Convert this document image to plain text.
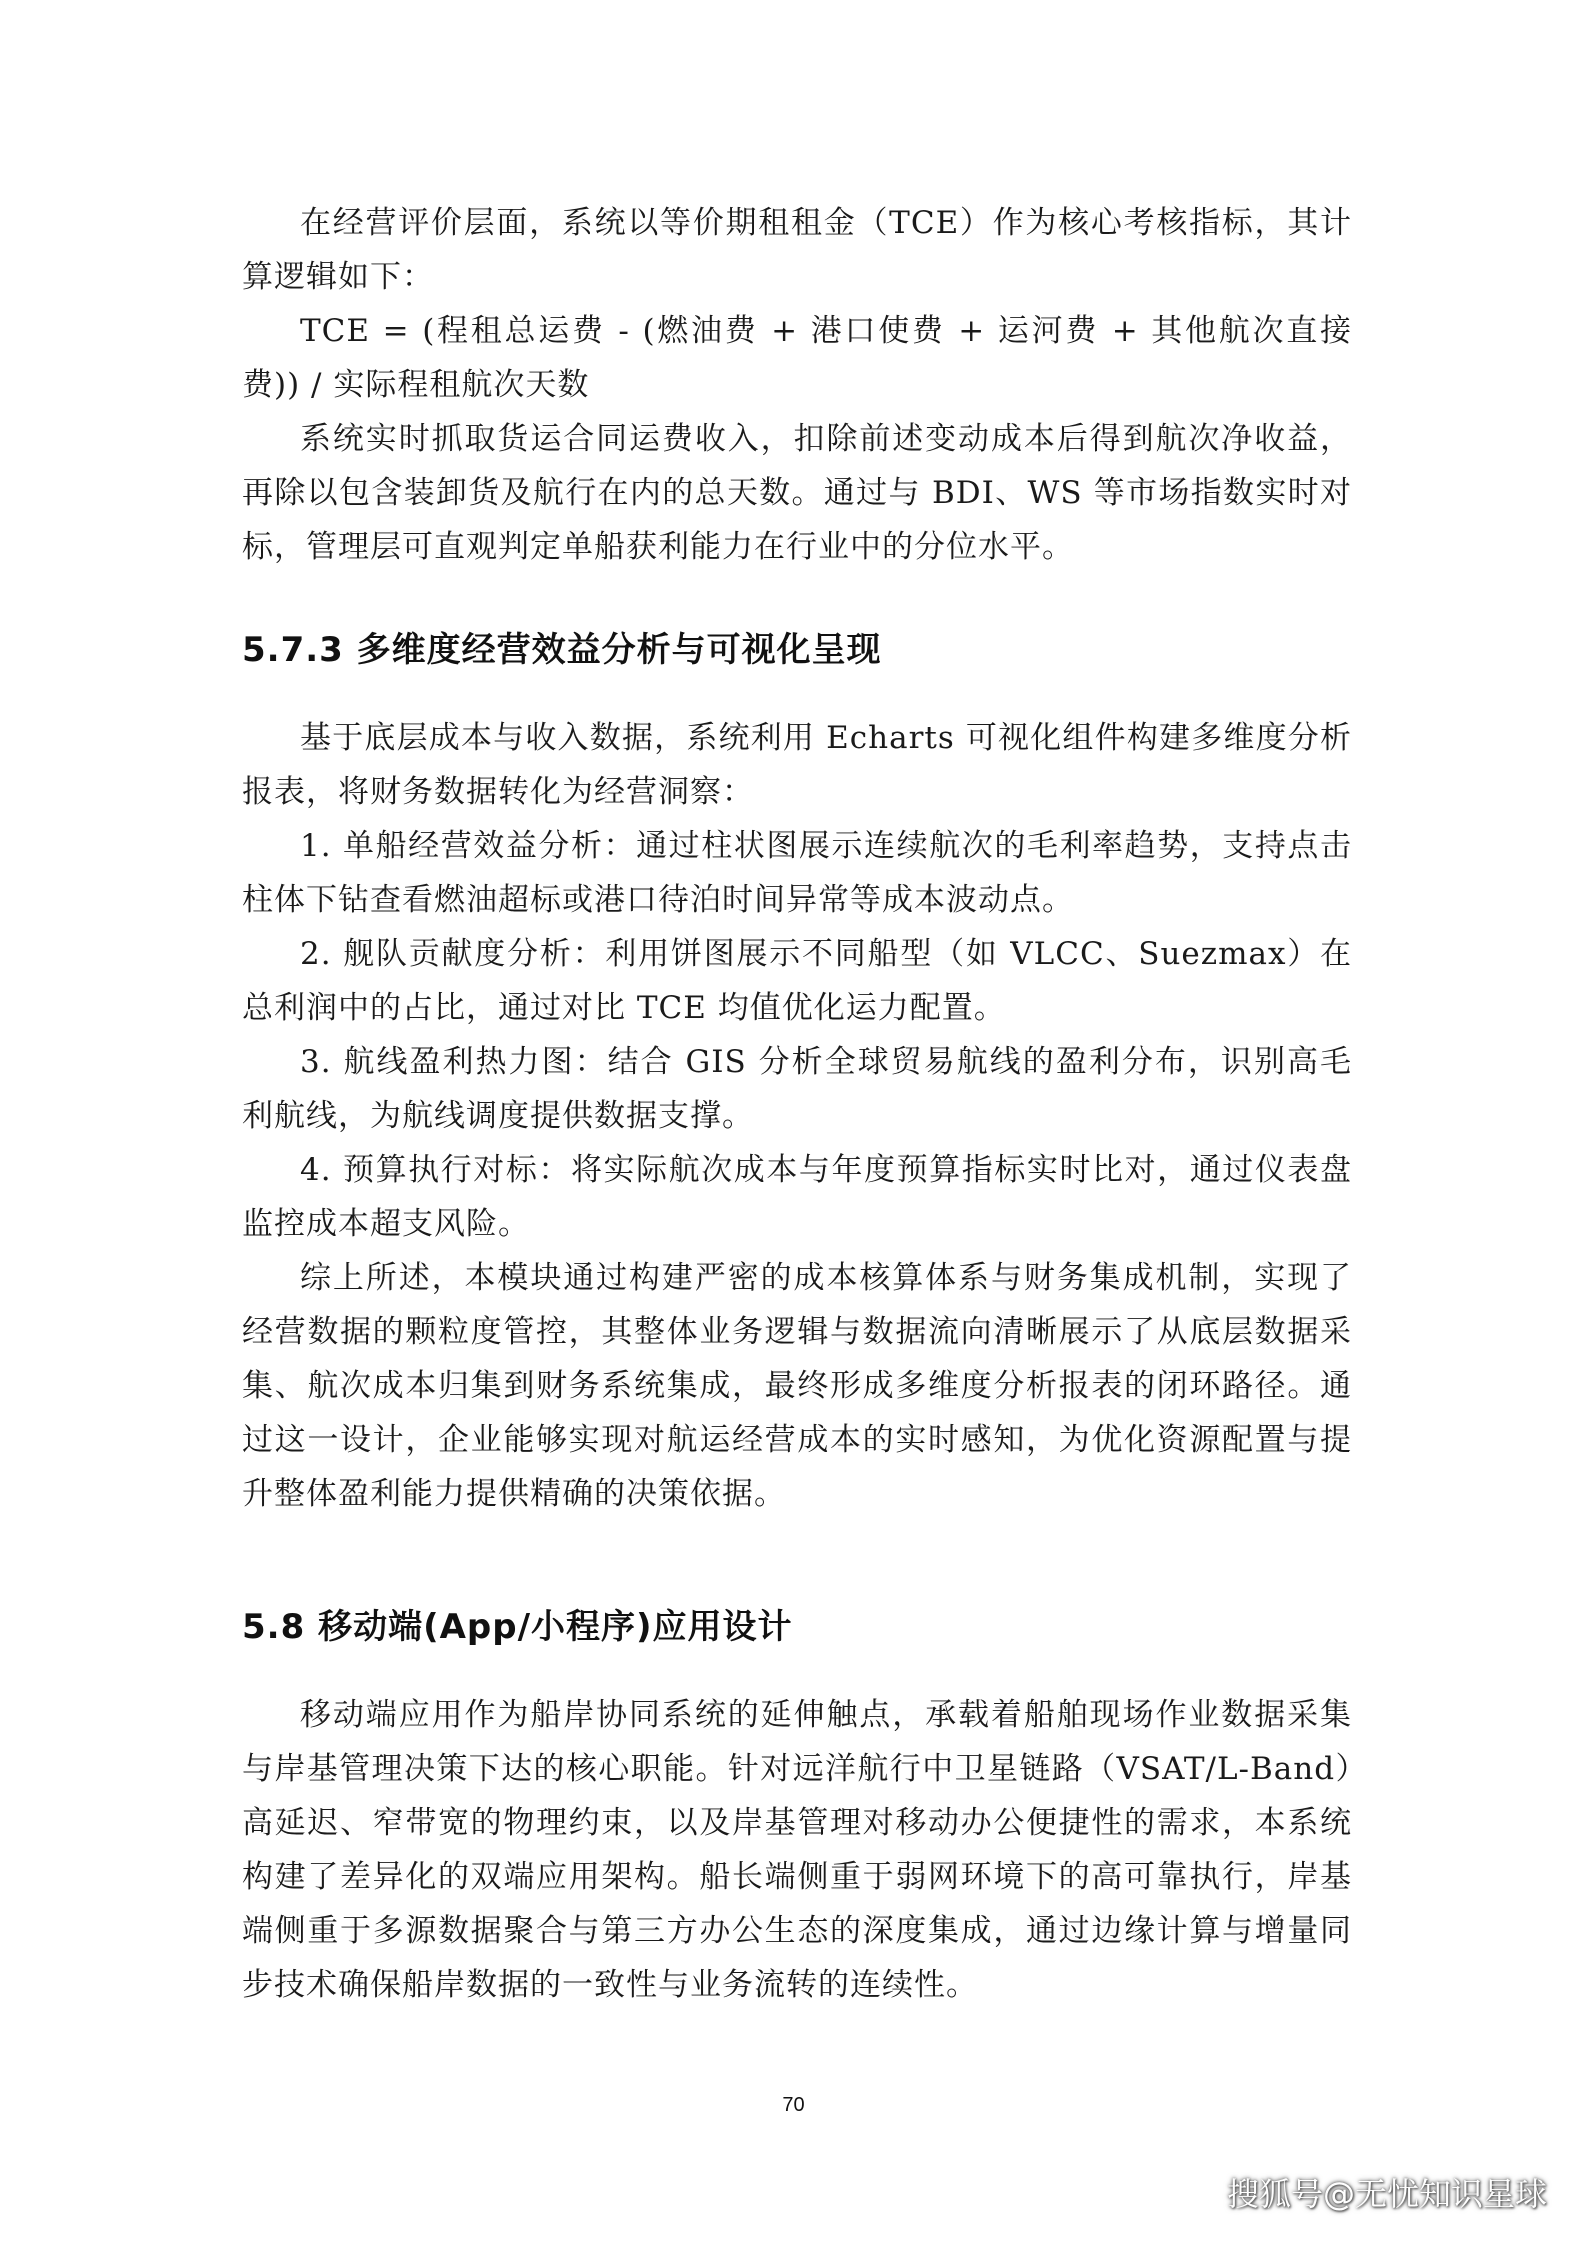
在经营评价层面，系统以等价期租租金（TCE）作为核心考核指标，其计算逻辑如下：

TCE = (程租总运费 - (燃油费 + 港口使费 + 运河费 + 其他航次直接费)) / 实际程租航次天数

系统实时抓取货运合同运费收入，扣除前述变动成本后得到航次净收益，再除以包含装卸货及航行在内的总天数。通过与 BDI、WS 等市场指数实时对标，管理层可直观判定单船获利能力在行业中的分位水平。

5.7.3 多维度经营效益分析与可视化呈现

基于底层成本与收入数据，系统利用 Echarts 可视化组件构建多维度分析报表，将财务数据转化为经营洞察：

1. 单船经营效益分析：通过柱状图展示连续航次的毛利率趋势，支持点击柱体下钻查看燃油超标或港口待泊时间异常等成本波动点。

2. 舰队贡献度分析：利用饼图展示不同船型（如 VLCC、Suezmax）在总利润中的占比，通过对比 TCE 均值优化运力配置。

3. 航线盈利热力图：结合 GIS 分析全球贸易航线的盈利分布，识别高毛利航线，为航线调度提供数据支撑。

4. 预算执行对标：将实际航次成本与年度预算指标实时比对，通过仪表盘监控成本超支风险。

综上所述，本模块通过构建严密的成本核算体系与财务集成机制，实现了经营数据的颗粒度管控，其整体业务逻辑与数据流向清晰展示了从底层数据采集、航次成本归集到财务系统集成，最终形成多维度分析报表的闭环路径。通过这一设计，企业能够实现对航运经营成本的实时感知，为优化资源配置与提升整体盈利能力提供精确的决策依据。

5.8 移动端(App/小程序)应用设计

移动端应用作为船岸协同系统的延伸触点，承载着船舶现场作业数据采集与岸基管理决策下达的核心职能。针对远洋航行中卫星链路（VSAT/L-Band）高延迟、窄带宽的物理约束，以及岸基管理对移动办公便捷性的需求，本系统构建了差异化的双端应用架构。船长端侧重于弱网环境下的高可靠执行，岸基端侧重于多源数据聚合与第三方办公生态的深度集成，通过边缘计算与增量同步技术确保船岸数据的一致性与业务流转的连续性。

70
搜狐号@无忧知识星球
